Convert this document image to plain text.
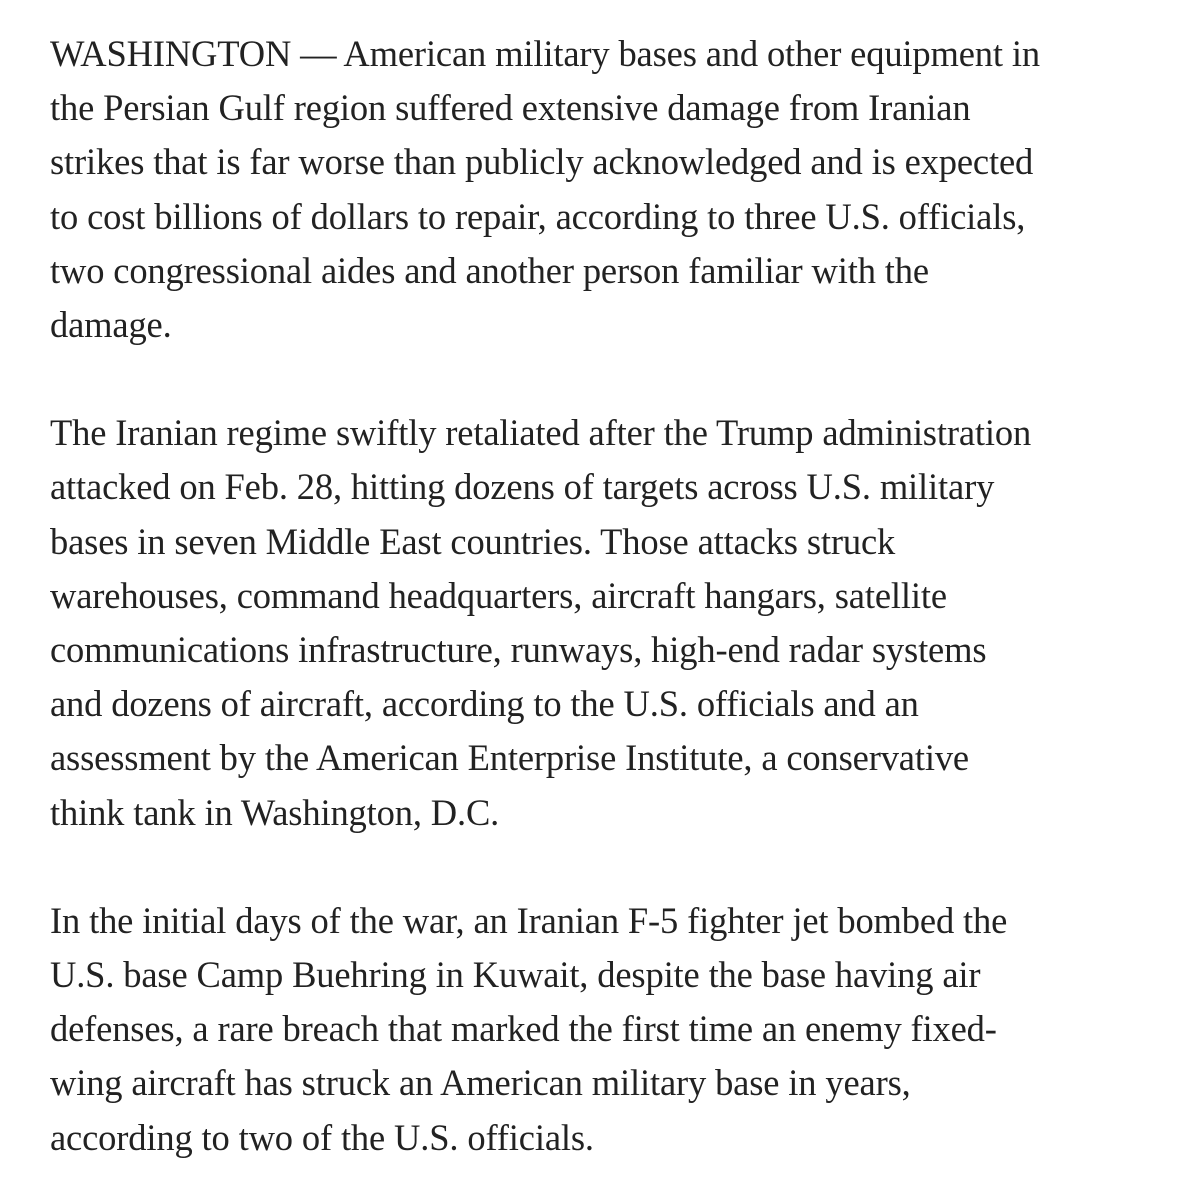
WASHINGTON — American military bases and other equipment in
the Persian Gulf region suffered extensive damage from Iranian
strikes that is far worse than publicly acknowledged and is expected
to cost billions of dollars to repair, according to three U.S. officials,
two congressional aides and another person familiar with the
damage.

The Iranian regime swiftly retaliated after the Trump administration
attacked on Feb. 28, hitting dozens of targets across U.S. military
bases in seven Middle East countries. Those attacks struck
warehouses, command headquarters, aircraft hangars, satellite
communications infrastructure, runways, high-end radar systems
and dozens of aircraft, according to the U.S. officials and an
assessment by the American Enterprise Institute, a conservative
think tank in Washington, D.C.

In the initial days of the war, an Iranian F-5 fighter jet bombed the
U.S. base Camp Buehring in Kuwait, despite the base having air
defenses, a rare breach that marked the first time an enemy fixed-
wing aircraft has struck an American military base in years,
according to two of the U.S. officials.
